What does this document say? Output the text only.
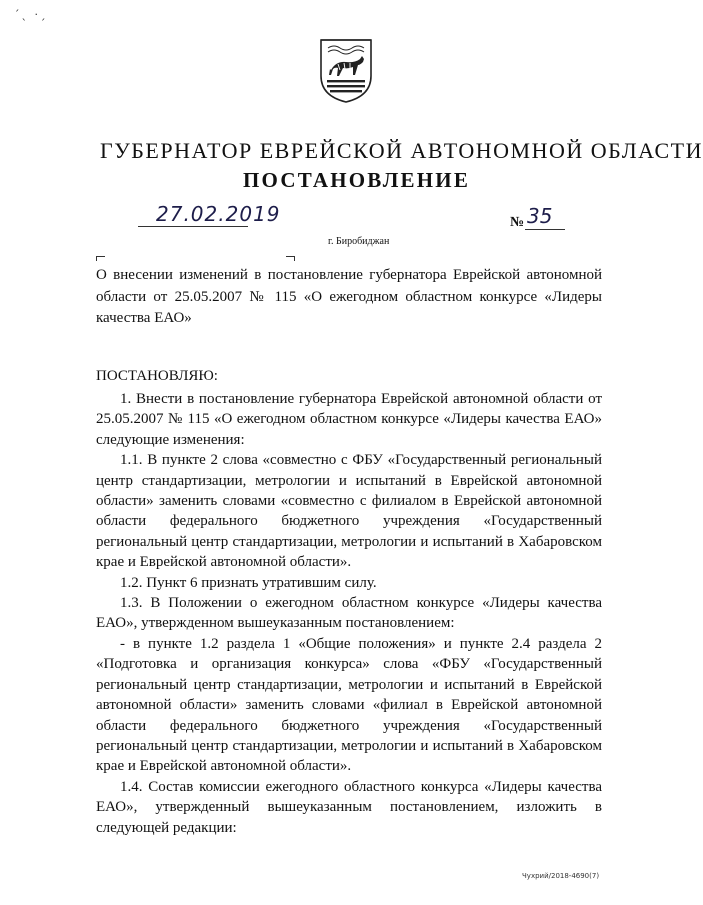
´ˎ ·ˏ
ГУБЕРНАТОР ЕВРЕЙСКОЙ АВТОНОМНОЙ ОБЛАСТИ
ПОСТАНОВЛЕНИЕ
27.02.2019	№ 35
г. Биробиджан
О внесении изменений в постановление губернатора Еврейской автономной области от 25.05.2007 № 115 «О ежегодном областном конкурсе «Лидеры качества ЕАО»
ПОСТАНОВЛЯЮ:

1. Внести в постановление губернатора Еврейской автономной области от 25.05.2007 № 115 «О ежегодном областном конкурсе «Лидеры качества ЕАО» следующие изменения:

1.1. В пункте 2 слова «совместно с ФБУ «Государственный региональный центр стандартизации, метрологии и испытаний в Еврейской автономной области» заменить словами «совместно с филиалом в Еврейской автономной области федерального бюджетного учреждения «Государственный региональный центр стандартизации, метрологии и испытаний в Хабаровском крае и Еврейской автономной области».

1.2. Пункт 6 признать утратившим силу.

1.3. В Положении о ежегодном областном конкурсе «Лидеры качества ЕАО», утвержденном вышеуказанным постановлением:

- в пункте 1.2 раздела 1 «Общие положения» и пункте 2.4 раздела 2 «Подготовка и организация конкурса» слова «ФБУ «Государственный региональный центр стандартизации, метрологии и испытаний в Еврейской автономной области» заменить словами «филиал в Еврейской автономной области федерального бюджетного учреждения «Государственный региональный центр стандартизации, метрологии и испытаний в Хабаровском крае и Еврейской автономной области».

1.4. Состав комиссии ежегодного областного конкурса «Лидеры качества ЕАО», утвержденный вышеуказанным постановлением, изложить в следующей редакции:

Чухрий/2018-4690(7)
